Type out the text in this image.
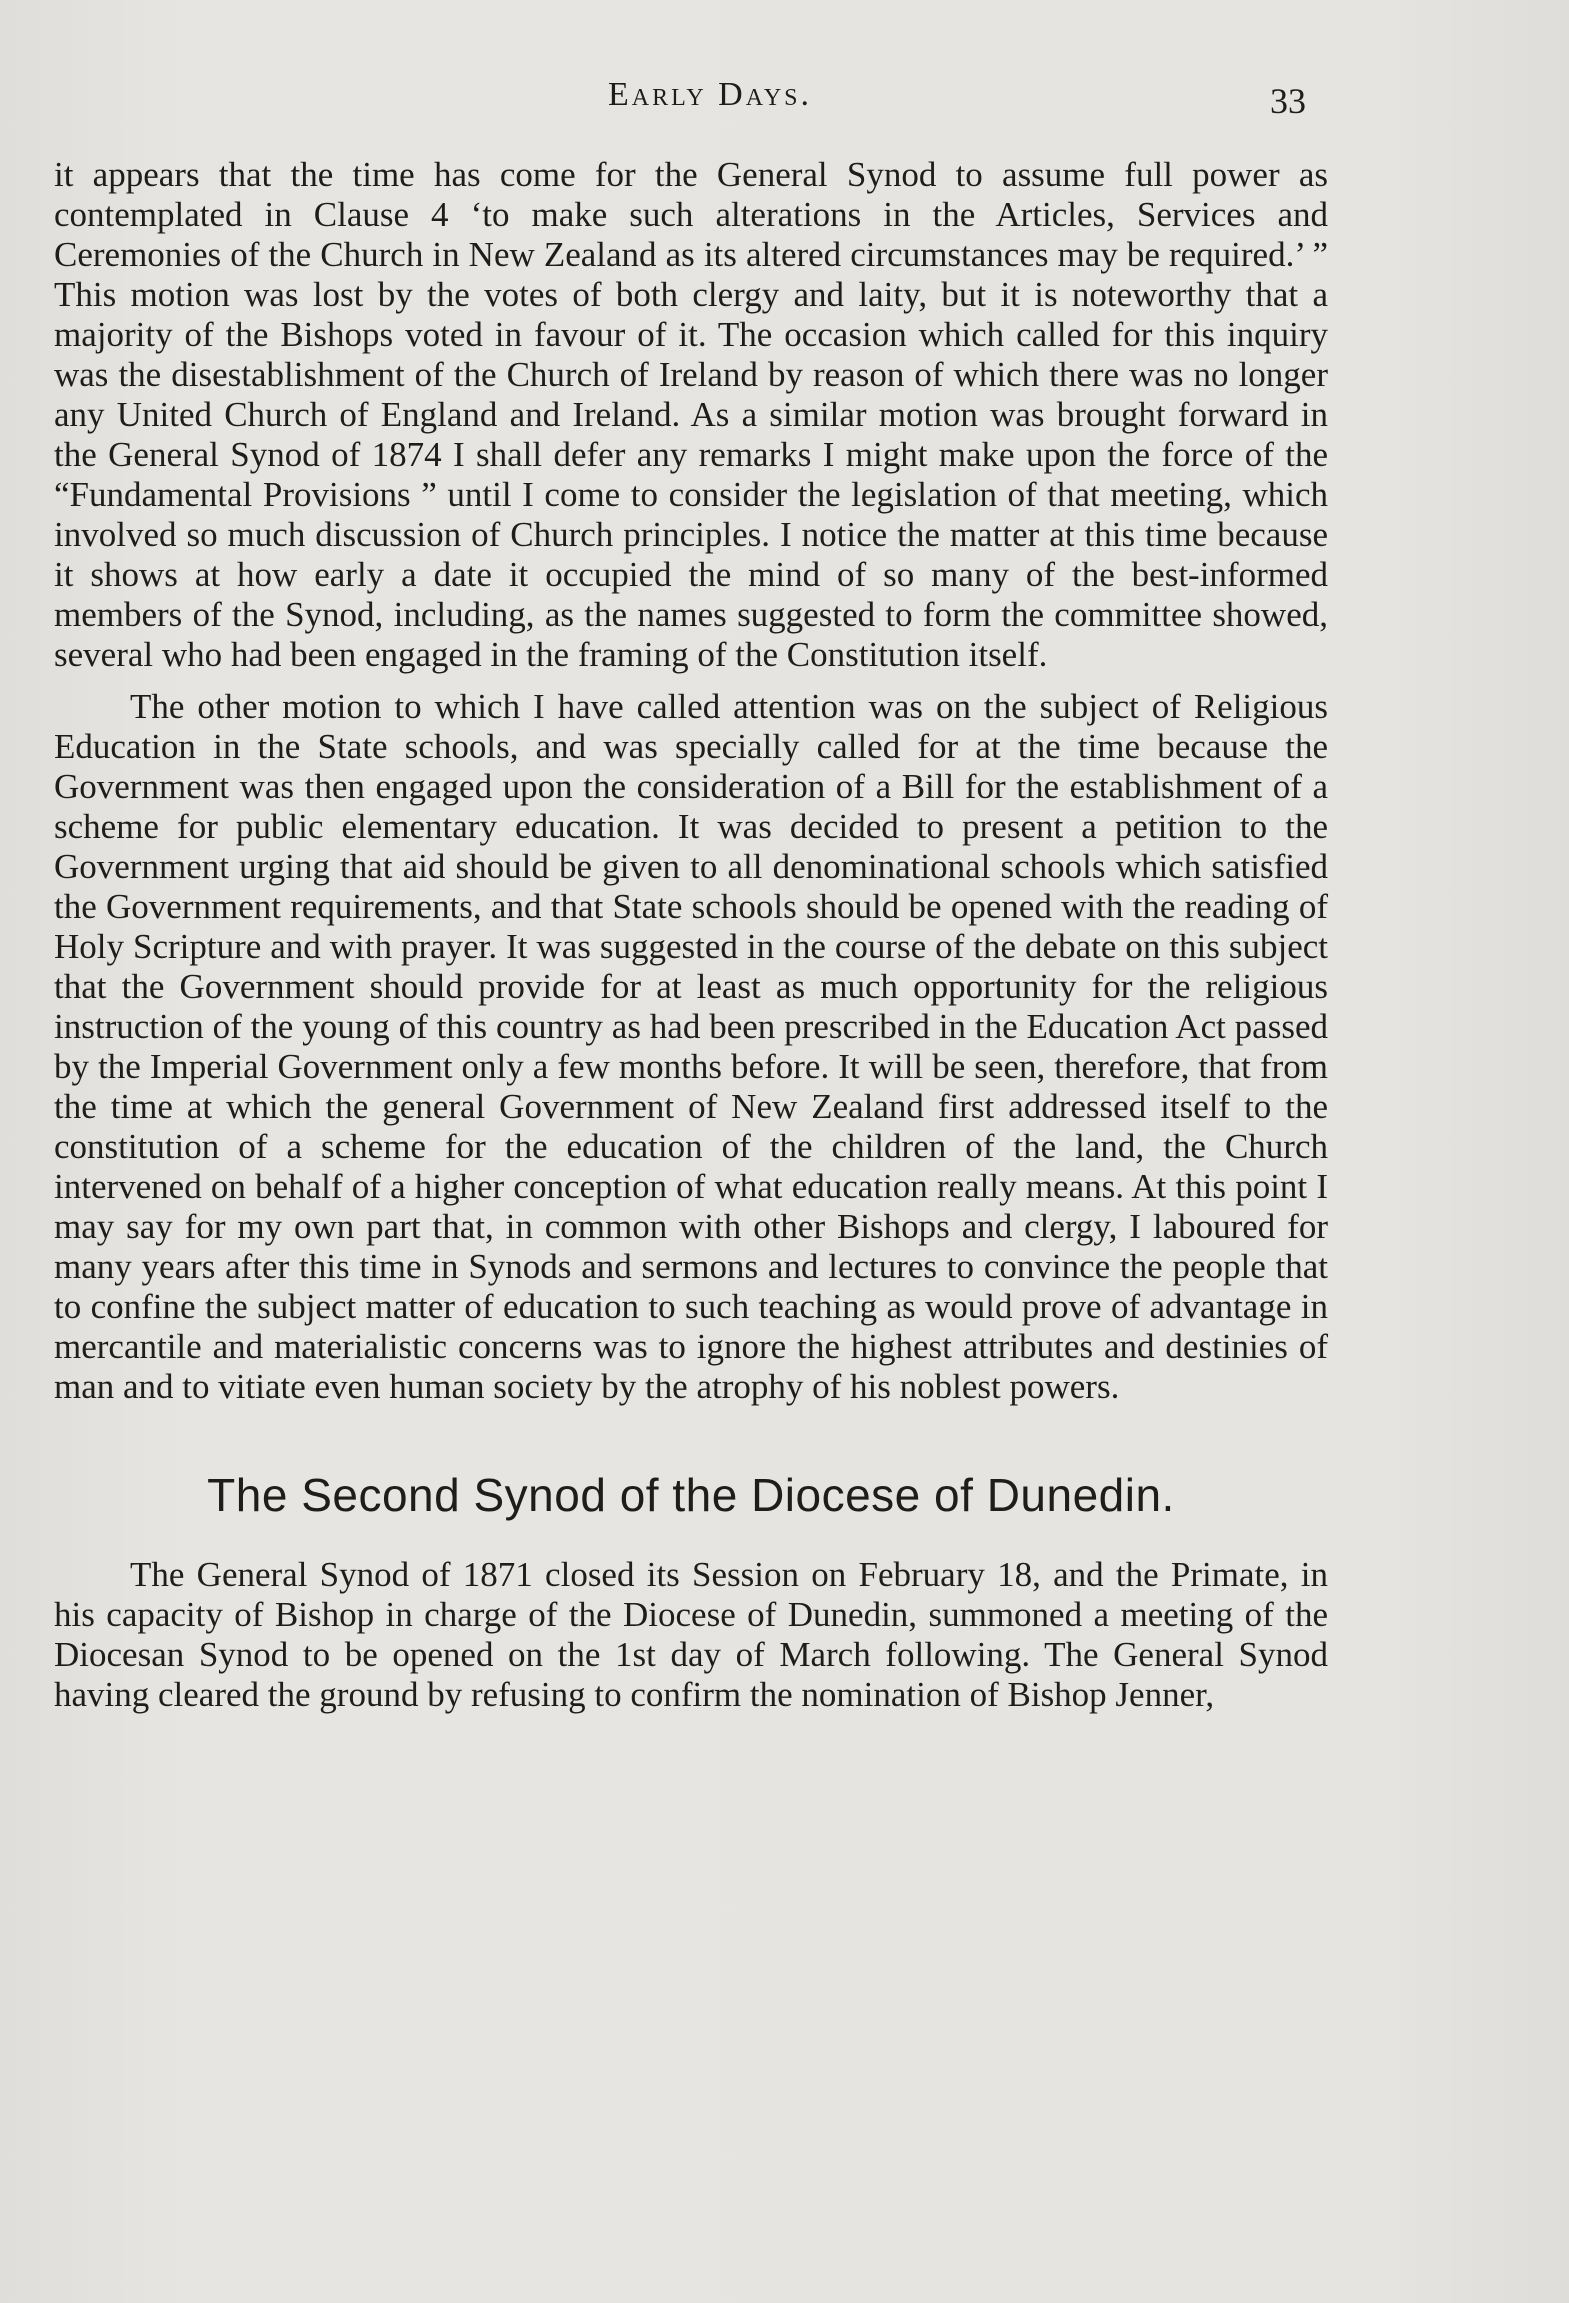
Early Days.	33

it appears that the time has come for the General Synod to assume full power as contemplated in Clause 4 ‘to make such alterations in the Articles, Services and Ceremonies of the Church in New Zealand as its altered circumstances may be required.’ ” This motion was lost by the votes of both clergy and laity, but it is noteworthy that a majority of the Bishops voted in favour of it. The occasion which called for this inquiry was the disestablishment of the Church of Ireland by reason of which there was no longer any United Church of England and Ireland. As a similar motion was brought forward in the General Synod of 1874 I shall defer any remarks I might make upon the force of the “Fundamental Provisions ” until I come to consider the legislation of that meeting, which involved so much discussion of Church principles. I notice the matter at this time because it shows at how early a date it occupied the mind of so many of the best-informed members of the Synod, including, as the names suggested to form the committee showed, several who had been engaged in the framing of the Constitution itself.

The other motion to which I have called attention was on the subject of Religious Education in the State schools, and was specially called for at the time because the Government was then engaged upon the consideration of a Bill for the establishment of a scheme for public elementary education. It was decided to present a petition to the Government urging that aid should be given to all denominational schools which satisfied the Government requirements, and that State schools should be opened with the reading of Holy Scripture and with prayer. It was suggested in the course of the debate on this subject that the Government should provide for at least as much opportunity for the religious instruction of the young of this country as had been prescribed in the Education Act passed by the Imperial Government only a few months before. It will be seen, therefore, that from the time at which the general Government of New Zealand first addressed itself to the constitution of a scheme for the education of the children of the land, the Church intervened on behalf of a higher conception of what education really means. At this point I may say for my own part that, in common with other Bishops and clergy, I laboured for many years after this time in Synods and sermons and lectures to convince the people that to confine the subject matter of education to such teaching as would prove of advantage in mercantile and materialistic concerns was to ignore the highest attributes and destinies of man and to vitiate even human society by the atrophy of his noblest powers.

The Second Synod of the Diocese of Dunedin.

The General Synod of 1871 closed its Session on February 18, and the Primate, in his capacity of Bishop in charge of the Diocese of Dunedin, summoned a meeting of the Diocesan Synod to be opened on the 1st day of March following. The General Synod having cleared the ground by refusing to confirm the nomination of Bishop Jenner,
